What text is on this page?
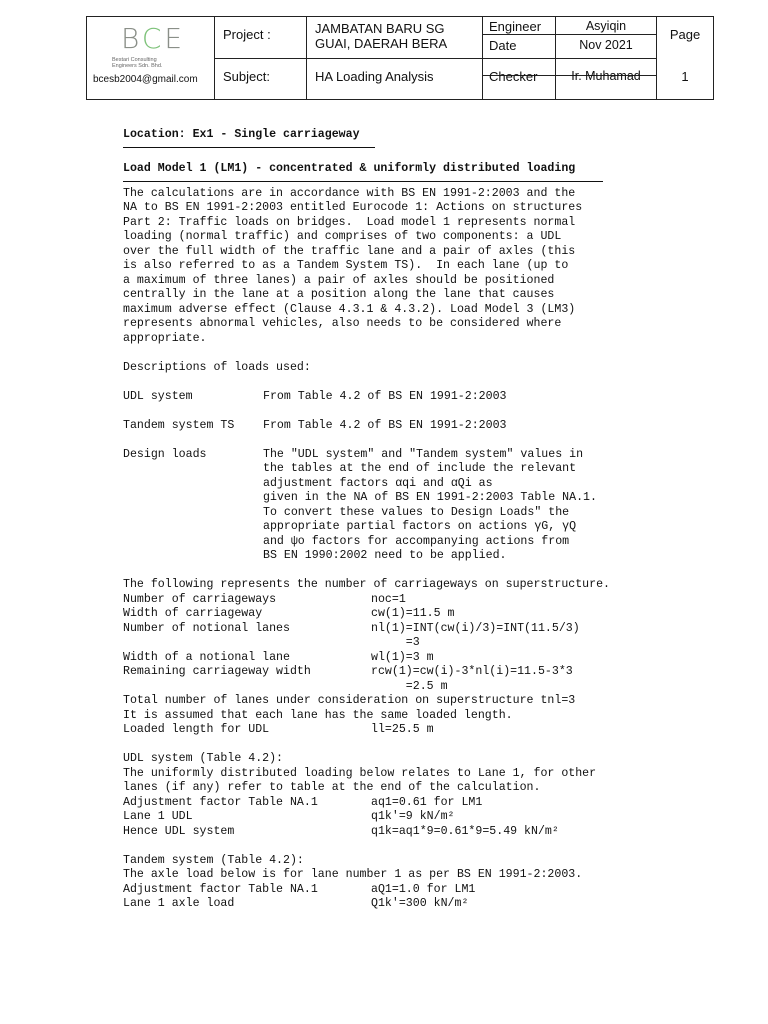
BCE
Bestari Consulting
Engineers Sdn. Bhd.
bcesb2004@gmail.com
Project :	JAMBATAN BARU SG
GUAI, DAERAH BERA
Subject:	HA Loading Analysis
Engineer	Asyiqin
Date	Nov 2021
Checker	Ir. Muhamad
Page
1
Location: Ex1 - Single carriageway
Load Model 1 (LM1) - concentrated & uniformly distributed loading
The calculations are in accordance with BS EN 1991-2:2003 and the
NA to BS EN 1991-2:2003 entitled Eurocode 1: Actions on structures
Part 2: Traffic loads on bridges.  Load model 1 represents normal
loading (normal traffic) and comprises of two components: a UDL
over the full width of the traffic lane and a pair of axles (this
is also referred to as a Tandem System TS).  In each lane (up to
a maximum of three lanes) a pair of axles should be positioned
centrally in the lane at a position along the lane that causes
maximum adverse effect (Clause 4.3.1 & 4.3.2). Load Model 3 (LM3)
represents abnormal vehicles, also needs to be considered where
appropriate.
Descriptions of loads used:
UDL system	From Table 4.2 of BS EN 1991-2:2003
Tandem system TS	From Table 4.2 of BS EN 1991-2:2003
Design loads	The "UDL system" and "Tandem system" values in
the tables at the end of include the relevant
adjustment factors αqi and αQi as
given in the NA of BS EN 1991-2:2003 Table NA.1.
To convert these values to Design Loads" the
appropriate partial factors on actions γG, γQ
and ψo factors for accompanying actions from
BS EN 1990:2002 need to be applied.
The following represents the number of carriageways on superstructure.
Number of carriageways	noc=1
Width of carriageway	cw(1)=11.5 m
Number of notional lanes	nl(1)=INT(cw(i)/3)=INT(11.5/3)
=3
Width of a notional lane	wl(1)=3 m
Remaining carriageway width	rcw(1)=cw(i)-3*nl(i)=11.5-3*3
=2.5 m
Total number of lanes under consideration on superstructure tnl=3
It is assumed that each lane has the same loaded length.
Loaded length for UDL	ll=25.5 m
UDL system (Table 4.2):
The uniformly distributed loading below relates to Lane 1, for other
lanes (if any) refer to table at the end of the calculation.
Adjustment factor Table NA.1	aq1=0.61 for LM1
Lane 1 UDL	q1k'=9 kN/m²
Hence UDL system	q1k=aq1*9=0.61*9=5.49 kN/m²
Tandem system (Table 4.2):
The axle load below is for lane number 1 as per BS EN 1991-2:2003.
Adjustment factor Table NA.1	aQ1=1.0 for LM1
Lane 1 axle load	Q1k'=300 kN/m²
